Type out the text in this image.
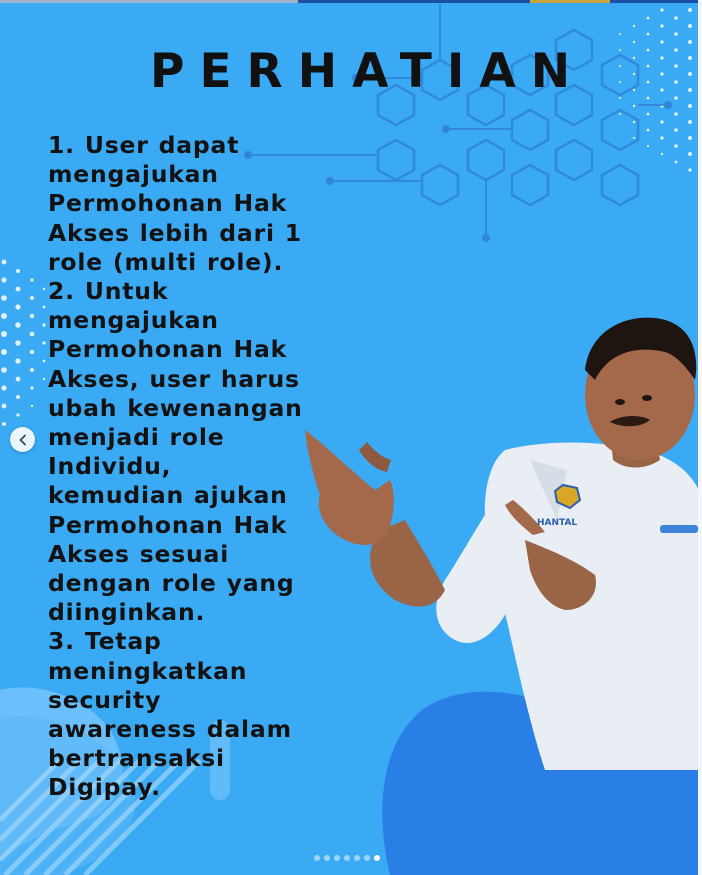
HANTAL
PERHATIAN

1. User dapat mengajukan Permohonan Hak Akses lebih dari 1 role (multi role).

2. Untuk mengajukan Permohonan Hak Akses, user harus ubah kewenangan menjadi role Individu, kemudian ajukan Permohonan Hak Akses sesuai dengan role yang diinginkan.

3. Tetap meningkatkan security awareness dalam bertransaksi Digipay.
